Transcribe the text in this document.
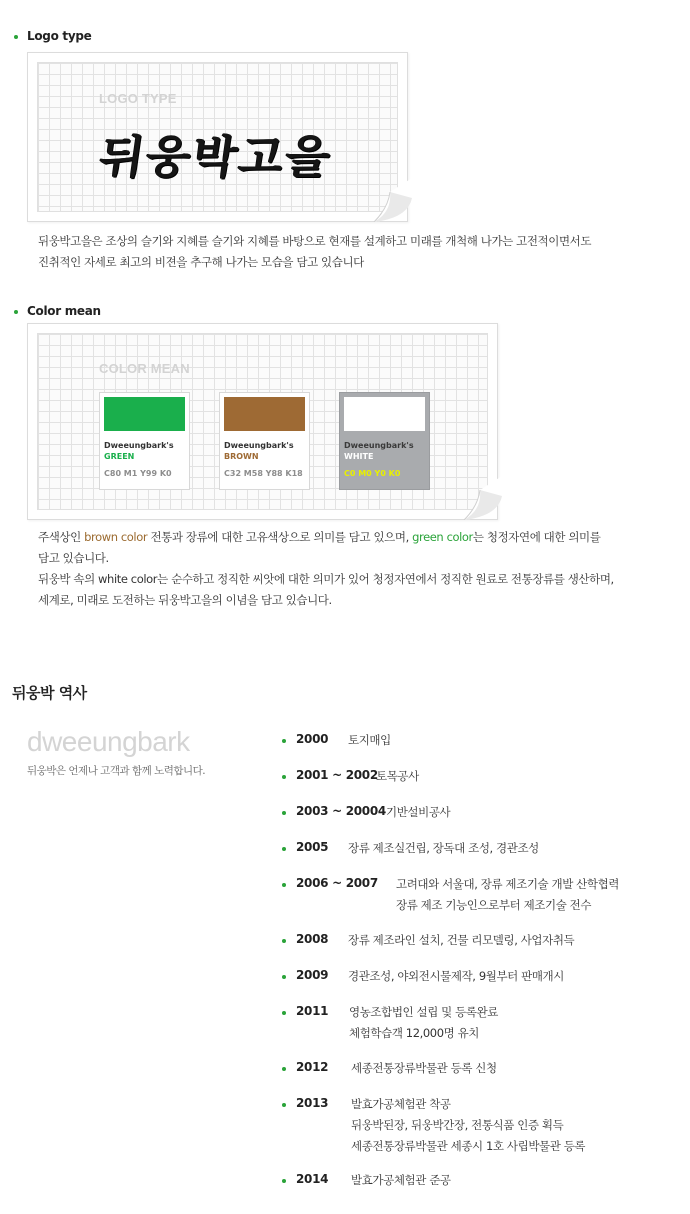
Logo type
LOGO TYPE
뒤웅박고을
뒤웅박고을은 조상의 슬기와 지혜를 슬기와 지혜를 바탕으로 현재를 설계하고 미래를 개척해 나가는 고전적이면서도
진취적인 자세로 최고의 비젼을 추구해 나가는 모습을 담고 있습니다
Color mean
COLOR MEAN
Dweeungbark's
GREEN
C80 M1 Y99 K0
Dweeungbark's
BROWN
C32 M58 Y88 K18
Dweeungbark's
WHITE
C0 M0 Y0 K0
주색상인 brown color 전통과 장류에 대한 고유색상으로 의미를 담고 있으며, green color는 청정자연에 대한 의미를
담고 있습니다.
뒤웅박 속의 white color는 순수하고 정직한 씨앗에 대한 의미가 있어 청정자연에서 정직한 원료로 전통장류를 생산하며,
세계로, 미래로 도전하는 뒤웅박고을의 이념을 담고 있습니다.
뒤웅박 역사
dweeungbark
뒤웅박은 언제나 고객과 함께 노력합니다.
2000 토지매입
2001 ~ 2002
토목공사
2003 ~ 20004 기반설비공사
2005 장류 제조실건립, 장독대 조성, 경관조성
2006 ~ 2007 고려대와 서울대, 장류 제조기술 개발 산학협력
장류 제조 기능인으로부터 제조기술 전수
2008 장류 제조라인 설치, 건물 리모델링, 사업자취득
2009 경관조성, 야외전시물제작, 9월부터 판매개시
2011 영농조합법인 설립 및 등록완료
체험학습객 12,000명 유치
2012 세종전통장류박물관 등록 신청
2013 발효가공체험관 착공
뒤웅박된장, 뒤웅박간장, 전통식품 인증 획득
세종전통장류박물관 세종시 1호 사립박물관 등록
2014 발효가공체험관 준공
